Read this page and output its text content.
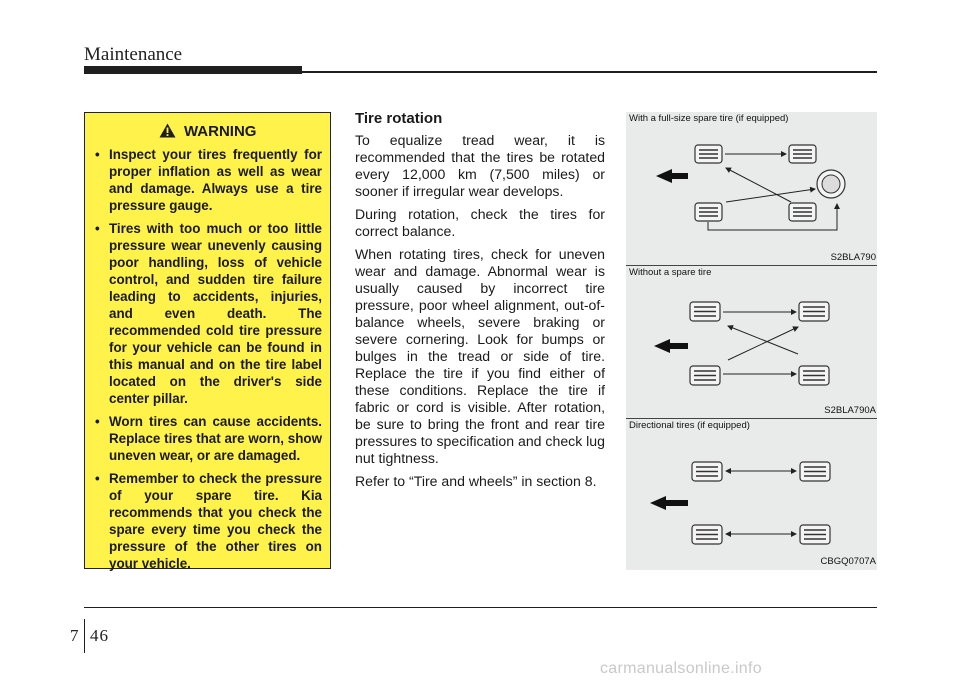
Maintenance
WARNING
• Inspect your tires frequently for proper inflation as well as wear and damage. Always use a tire pressure gauge.
• Tires with too much or too little pressure wear unevenly causing poor handling, loss of vehicle control, and sudden tire failure leading to accidents, injuries, and even death. The recommended cold tire pressure for your vehicle can be found in this manual and on the tire label located on the driver's side center pillar.
• Worn tires can cause accidents. Replace tires that are worn, show uneven wear, or are damaged.
• Remember to check the pressure of your spare tire. Kia recommends that you check the spare every time you check the pressure of the other tires on your vehicle.
Tire rotation

To equalize tread wear, it is recommended that the tires be rotated every 12,000 km (7,500 miles) or sooner if irregular wear develops.

During rotation, check the tires for correct balance.

When rotating tires, check for uneven wear and damage. Abnormal wear is usually caused by incorrect tire pressure, poor wheel alignment, out-of-balance wheels, severe braking or severe cornering. Look for bumps or bulges in the tread or side of tire. Replace the tire if you find either of these conditions. Replace the tire if fabric or cord is visible. After rotation, be sure to bring the front and rear tire pressures to specification and check lug nut tightness.

Refer to “Tire and wheels” in section 8.

With a full-size spare tire (if equipped)
S2BLA790
Without a spare tire
S2BLA790A
Directional tires (if equipped)
CBGQ0707A
7 46
carmanualsonline.info
